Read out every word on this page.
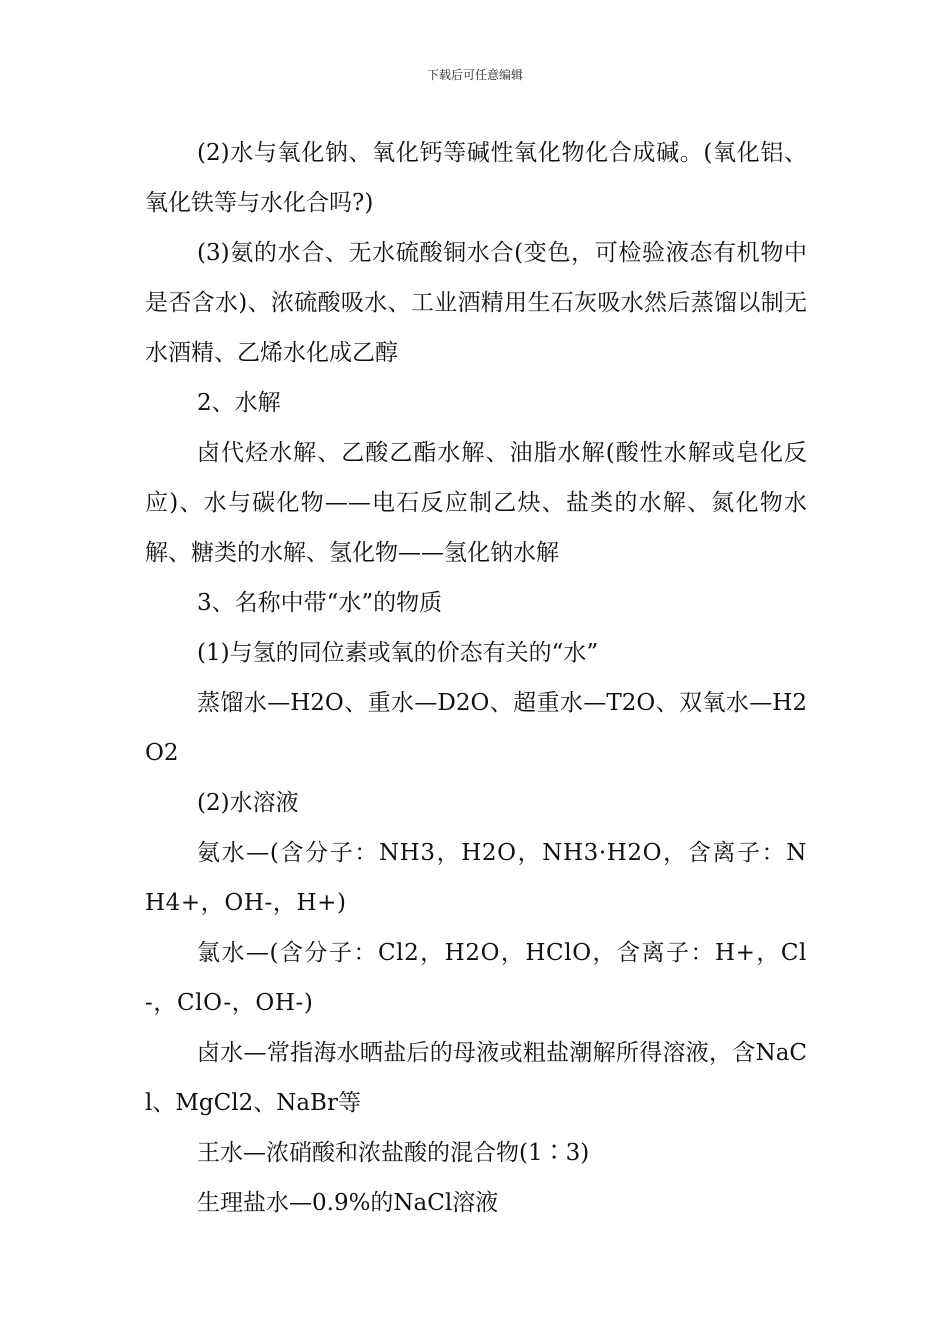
下载后可任意编辑

(2)水与氧化钠、氧化钙等碱性氧化物化合成碱。(氧化铝、氧化铁等与水化合吗?)

(3)氨的水合、无水硫酸铜水合(变色，可检验液态有机物中是否含水)、浓硫酸吸水、工业酒精用生石灰吸水然后蒸馏以制无水酒精、乙烯水化成乙醇

2、水解

卤代烃水解、乙酸乙酯水解、油脂水解(酸性水解或皂化反应)、水与碳化物——电石反应制乙炔、盐类的水解、氮化物水解、糖类的水解、氢化物——氢化钠水解

3、名称中带“水”的物质

(1)与氢的同位素或氧的价态有关的“水”

蒸馏水—H2O、重水—D2O、超重水—T2O、双氧水—H2O2

(2)水溶液

氨水—(含分子：NH3，H2O，NH3·H2O，含离子：NH4+，OH-，H+)

氯水—(含分子：Cl2，H2O，HClO，含离子：H+，Cl-，ClO-，OH-)

卤水—常指海水晒盐后的母液或粗盐潮解所得溶液，含NaCl、MgCl2、NaBr等

王水—浓硝酸和浓盐酸的混合物(1∶3)

生理盐水—0.9%的NaCl溶液
